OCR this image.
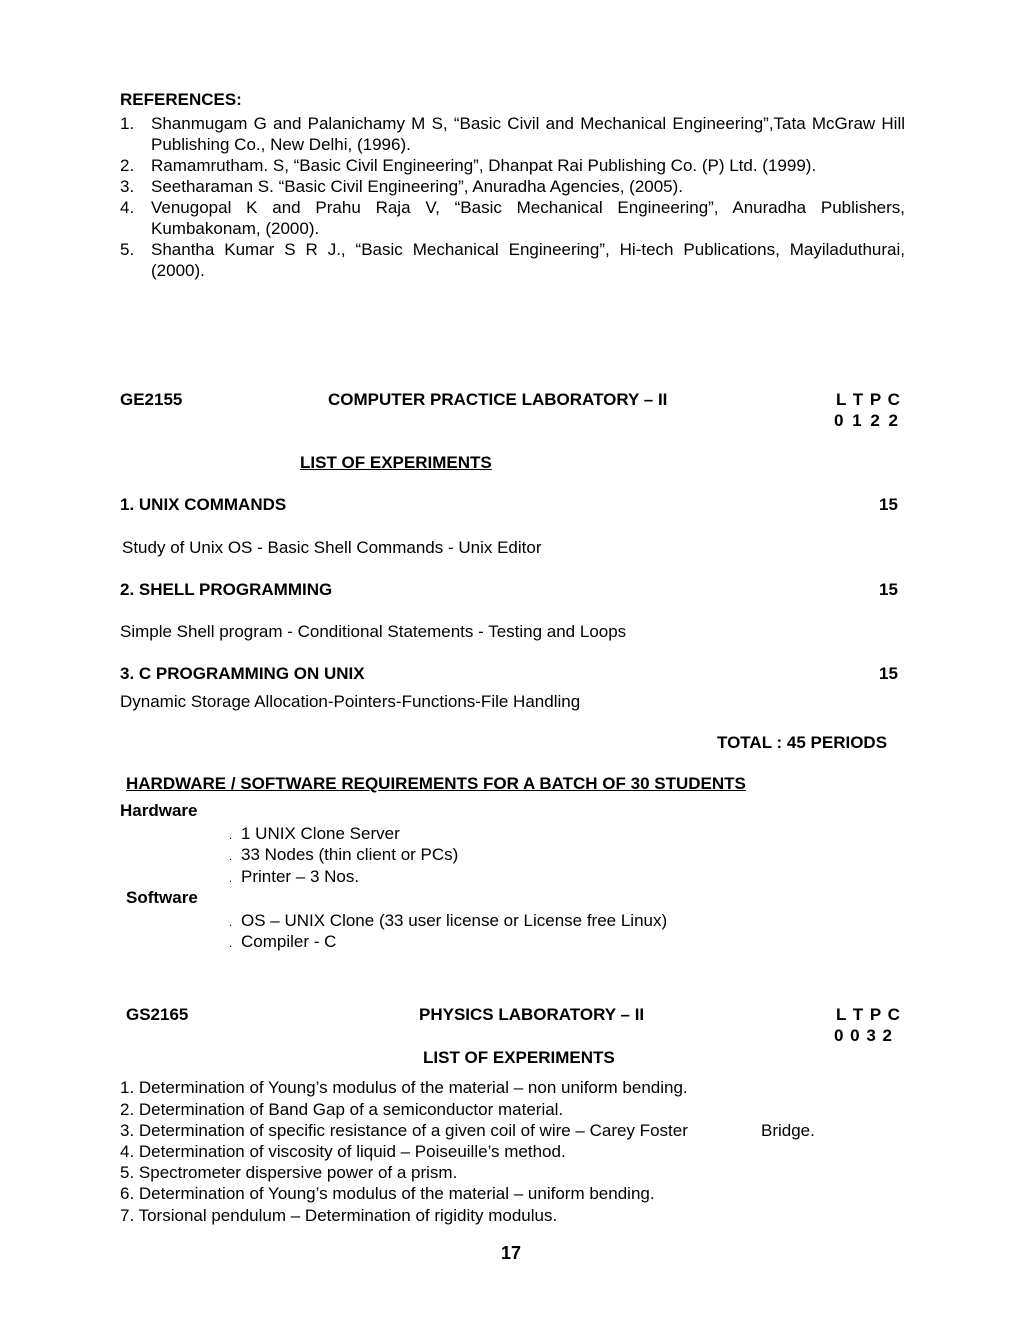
REFERENCES:
1. Shanmugam G and Palanichamy M S, “Basic Civil and Mechanical Engineering”,Tata McGraw Hill Publishing Co., New Delhi, (1996).
2. Ramamrutham. S, “Basic Civil Engineering”, Dhanpat Rai Publishing Co. (P) Ltd. (1999).
3. Seetharaman S. “Basic Civil Engineering”, Anuradha Agencies, (2005).
4. Venugopal K and Prahu Raja V, “Basic Mechanical Engineering”, Anuradha Publishers, Kumbakonam, (2000).
5. Shantha Kumar S R J., “Basic Mechanical Engineering”, Hi-tech Publications, Mayiladuthurai, (2000).
GE2155	COMPUTER PRACTICE LABORATORY – II	L T P C
0 1 2 2
LIST OF EXPERIMENTS
1. UNIX COMMANDS	15
Study of Unix OS - Basic Shell Commands - Unix Editor
2. SHELL PROGRAMMING	15
Simple Shell program - Conditional Statements - Testing and Loops
3. C PROGRAMMING ON UNIX	15
Dynamic Storage Allocation-Pointers-Functions-File Handling
TOTAL : 45 PERIODS
HARDWARE / SOFTWARE REQUIREMENTS FOR A BATCH OF 30 STUDENTS
Hardware
. 1 UNIX Clone Server
. 33 Nodes (thin client or PCs)
. Printer – 3 Nos.
Software
. OS – UNIX Clone (33 user license or License free Linux)
. Compiler - C
GS2165	PHYSICS LABORATORY – II	L T P C
0 0 3 2
LIST OF EXPERIMENTS
1. Determination of Young’s modulus of the material – non uniform bending.
2. Determination of Band Gap of a semiconductor material.
3. Determination of specific resistance of a given coil of wire – Carey Foster	Bridge.
4. Determination of viscosity of liquid – Poiseuille’s method.
5. Spectrometer dispersive power of a prism.
6. Determination of Young’s modulus of the material – uniform bending.
7. Torsional pendulum – Determination of rigidity modulus.
17
